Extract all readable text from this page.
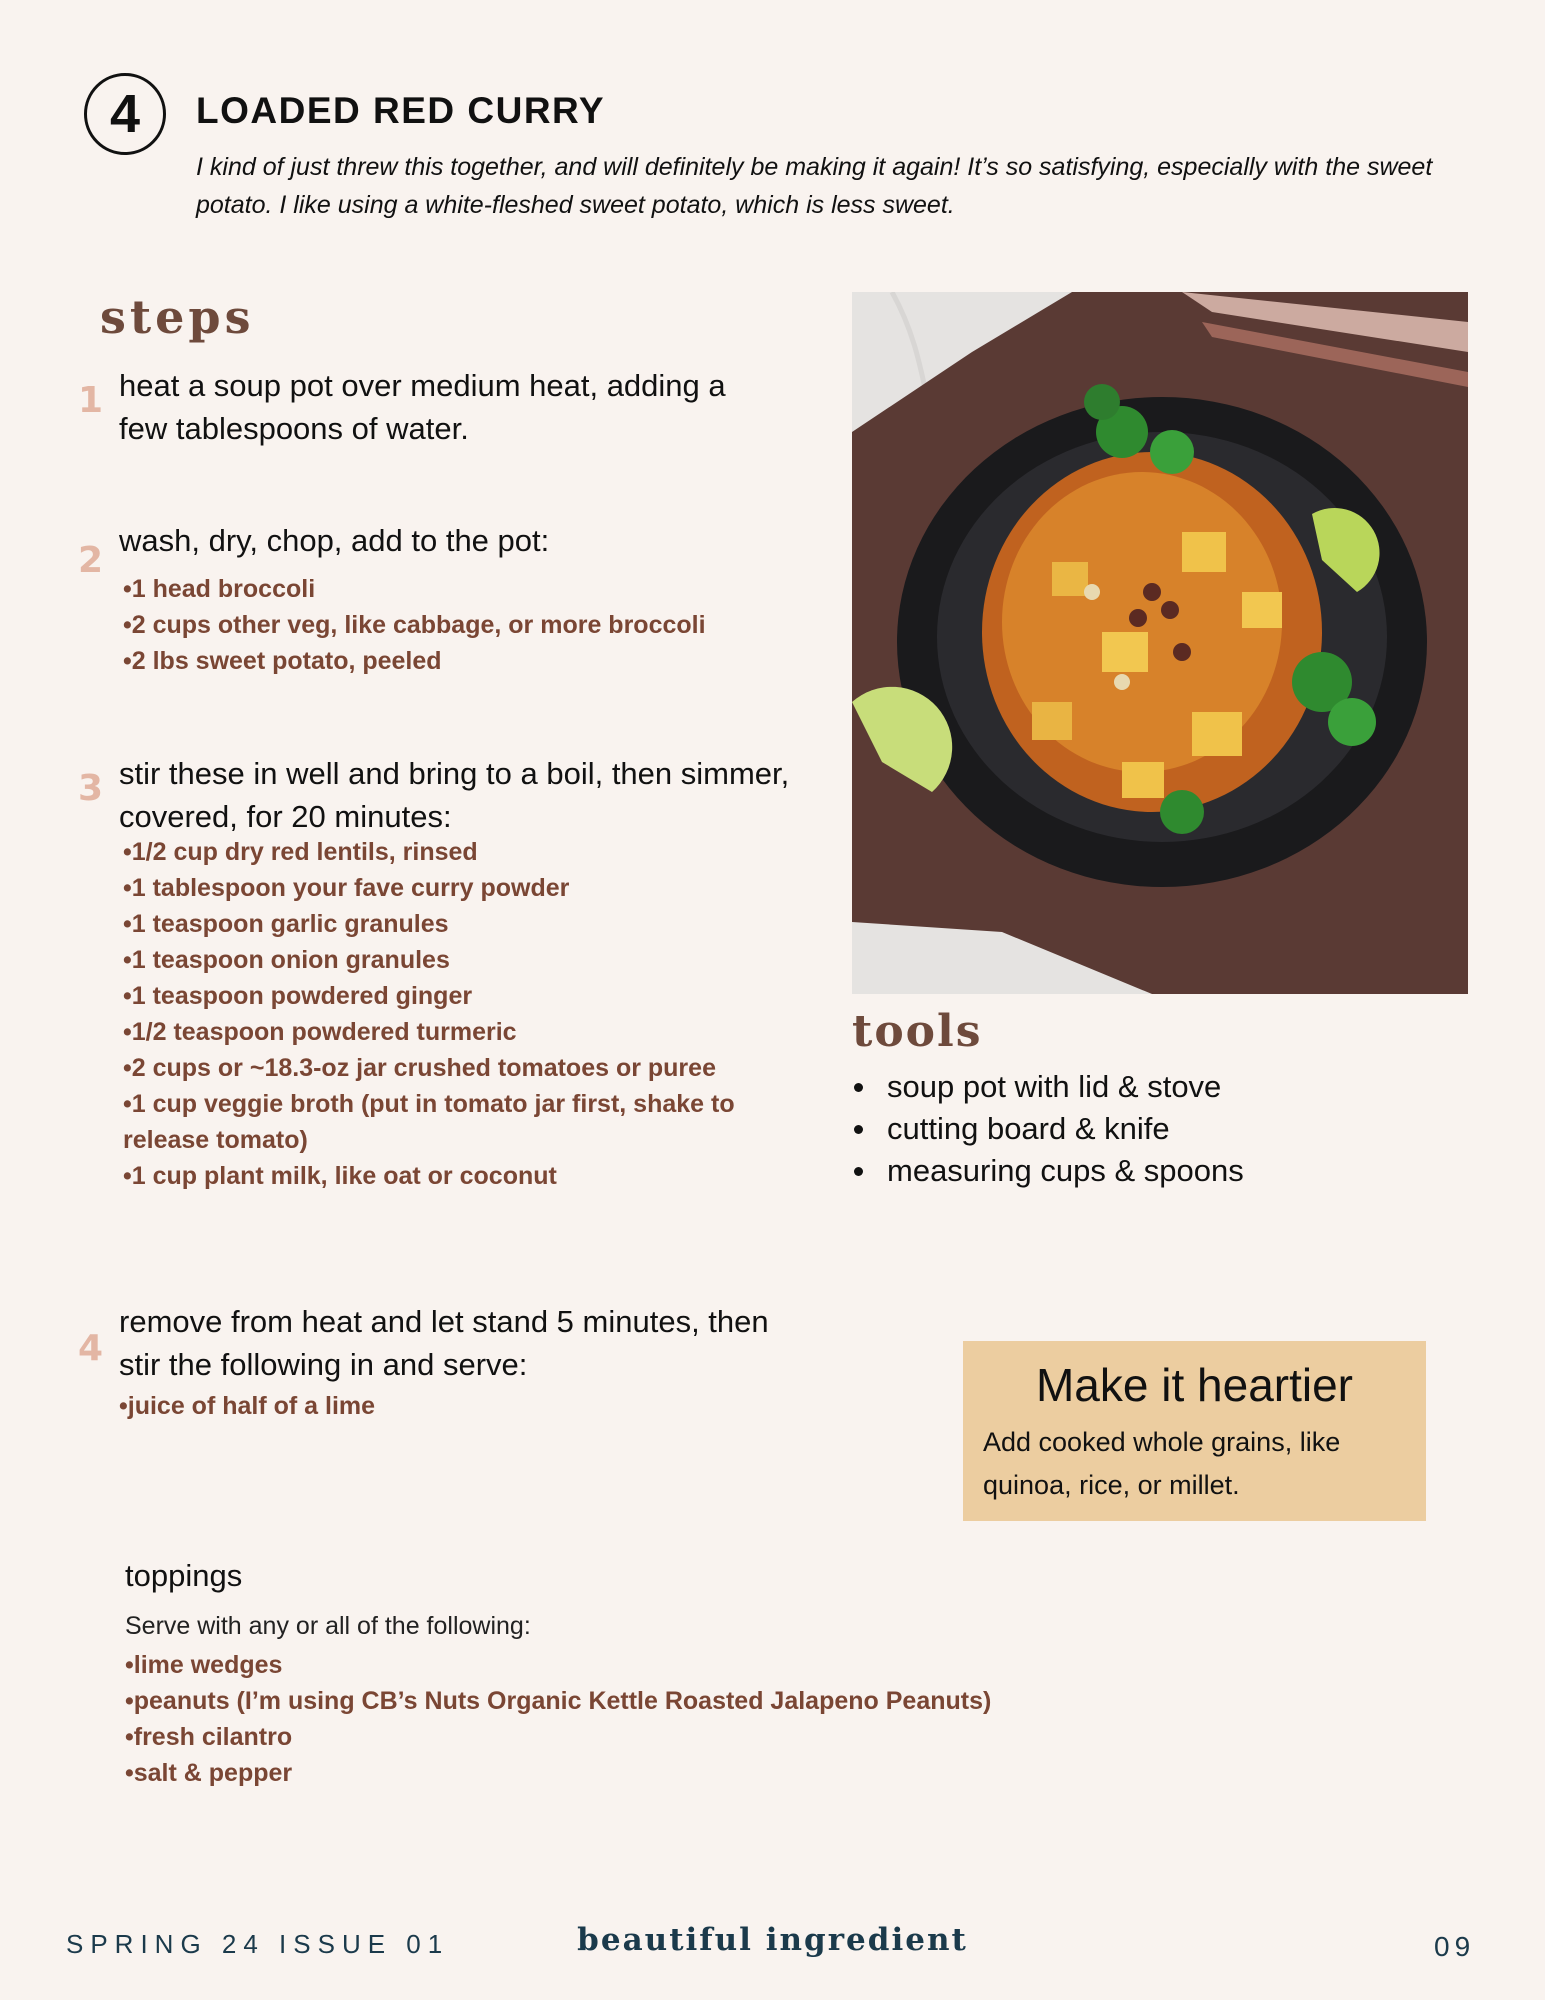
4 LOADED RED CURRY
I kind of just threw this together, and will definitely be making it again! It’s so satisfying, especially with the sweet potato. I like using a white-fleshed sweet potato, which is less sweet.
steps
1 heat a soup pot over medium heat, adding a few tablespoons of water.
2 wash, dry, chop, add to the pot:
•1 head broccoli
•2 cups other veg, like cabbage, or more broccoli
•2 lbs sweet potato, peeled
3 stir these in well and bring to a boil, then simmer, covered, for 20 minutes:
•1/2 cup dry red lentils, rinsed
•1 tablespoon your fave curry powder
•1 teaspoon garlic granules
•1 teaspoon onion granules
•1 teaspoon powdered ginger
•1/2 teaspoon powdered turmeric
•2 cups or ~18.3-oz jar crushed tomatoes or puree
•1 cup veggie broth (put in tomato jar first, shake to release tomato)
•1 cup plant milk, like oat or coconut
4
remove from heat and let stand 5 minutes, then stir the following in and serve:
•juice of half of a lime
tools
soup pot with lid & stove
cutting board & knife
measuring cups & spoons
Make it heartier
Add cooked whole grains, like quinoa, rice, or millet.
toppings
Serve with any or all of the following:
•lime wedges
•peanuts (I’m using CB’s Nuts Organic Kettle Roasted Jalapeno Peanuts)
•fresh cilantro
•salt & pepper
SPRING 24 ISSUE 01	beautiful ingredient	09
